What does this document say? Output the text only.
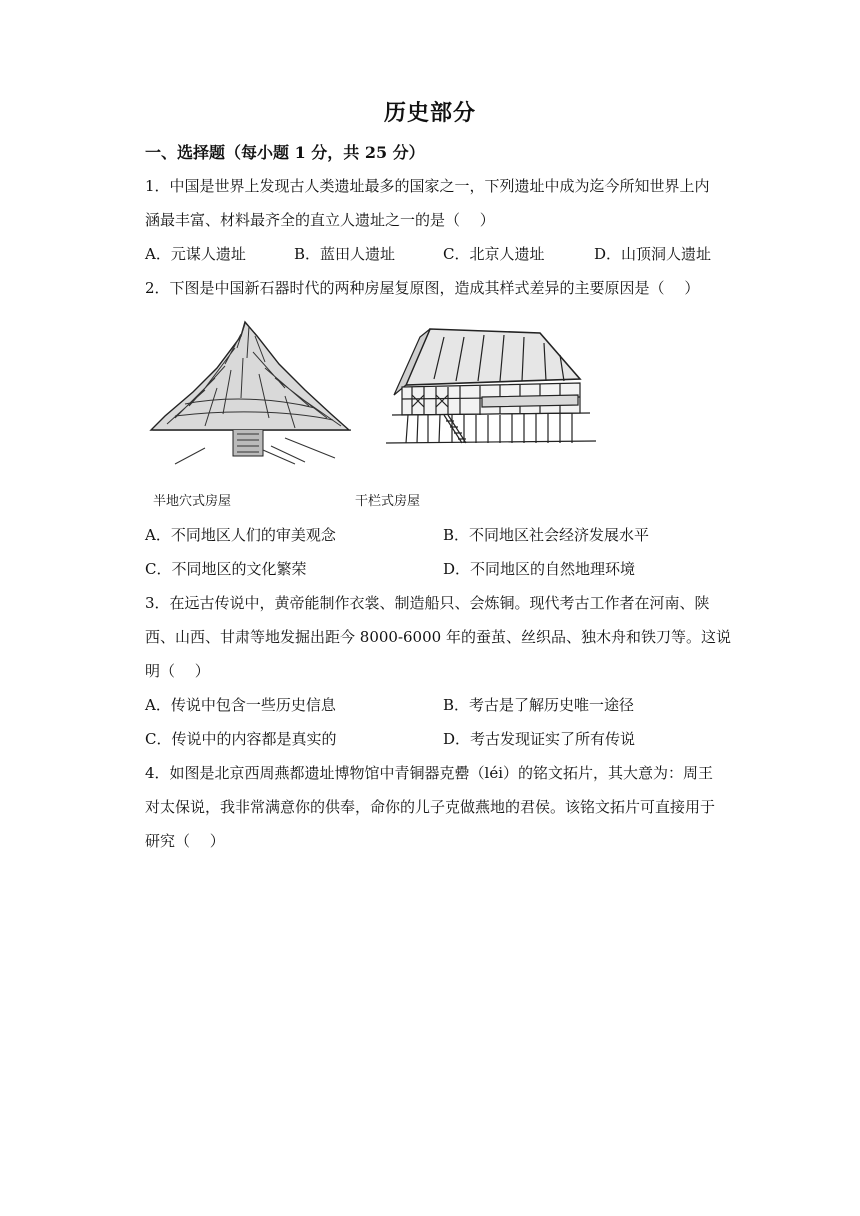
历史部分
一、选择题（每小题 1 分，共 25 分）
1．中国是世界上发现古人类遗址最多的国家之一，下列遗址中成为迄今所知世界上内
涵最丰富、材料最齐全的直立人遗址之一的是（　 ）
A．元谋人遗址	B．蓝田人遗址	C．北京人遗址	D．山顶洞人遗址
2．下图是中国新石器时代的两种房屋复原图，造成其样式差异的主要原因是（　 ）
半地穴式房屋	干栏式房屋
A．不同地区人们的审美观念	B．不同地区社会经济发展水平
C．不同地区的文化繁荣	D．不同地区的自然地理环境
3．在远古传说中，黄帝能制作衣裳、制造船只、会炼铜。现代考古工作者在河南、陕
西、山西、甘肃等地发掘出距今 8000-6000 年的蚕茧、丝织品、独木舟和铁刀等。这说
明（　 ）
A．传说中包含一些历史信息	B．考古是了解历史唯一途径
C．传说中的内容都是真实的	D．考古发现证实了所有传说
4．如图是北京西周燕都遗址博物馆中青铜器克罍（léi）的铭文拓片，其大意为：周王
对太保说，我非常满意你的供奉，命你的儿子克做燕地的君侯。该铭文拓片可直接用于
研究（　 ）
